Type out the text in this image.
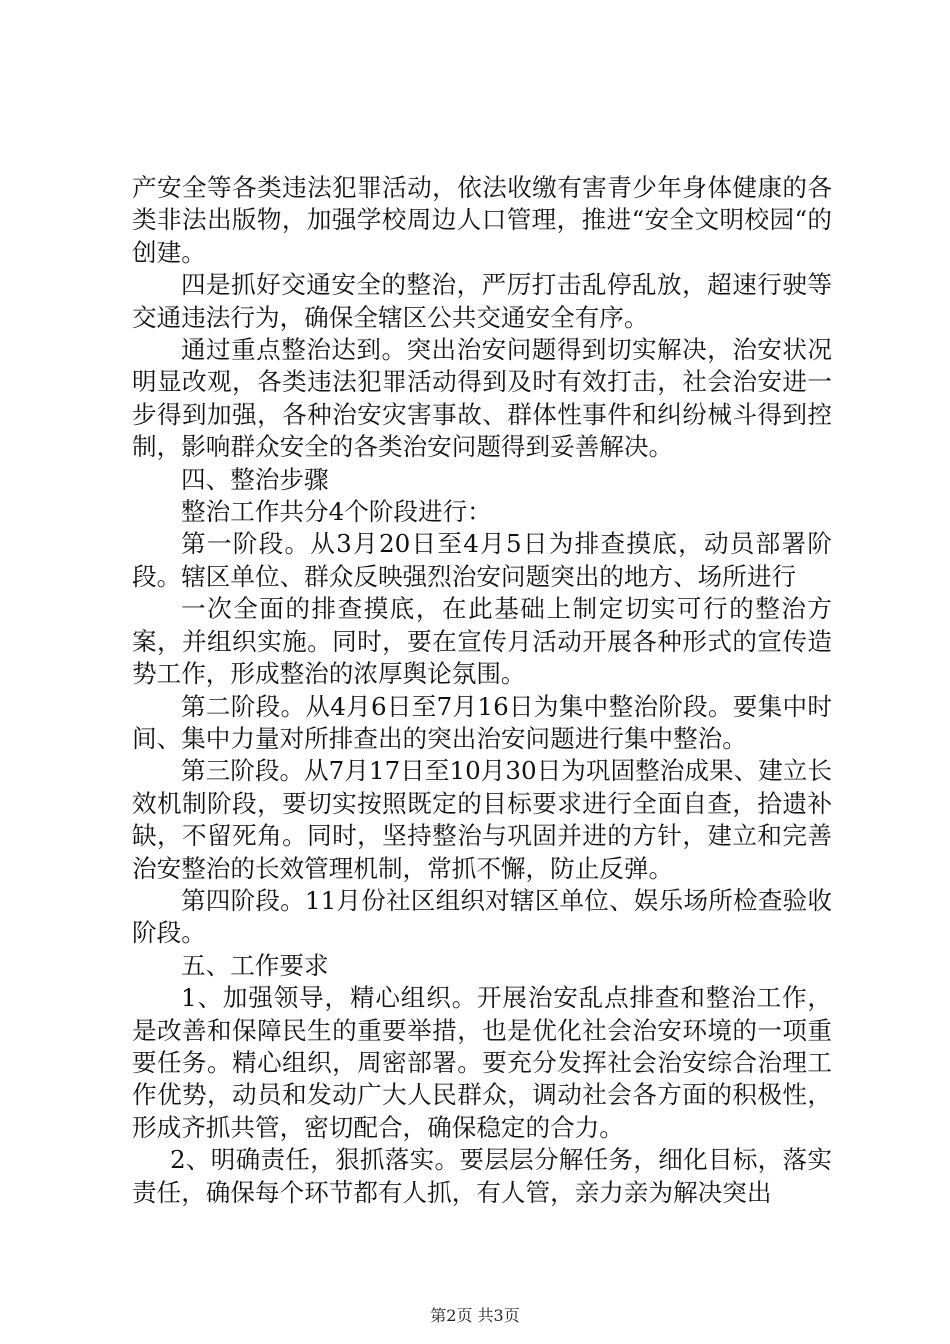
产安全等各类违法犯罪活动，依法收缴有害青少年身体健康的各类非法出版物，加强学校周边人口管理，推进“安全文明校园“的创建。

四是抓好交通安全的整治，严厉打击乱停乱放，超速行驶等交通违法行为，确保全辖区公共交通安全有序。

通过重点整治达到。突出治安问题得到切实解决，治安状况明显改观，各类违法犯罪活动得到及时有效打击，社会治安进一步得到加强，各种治安灾害事故、群体性事件和纠纷械斗得到控制，影响群众安全的各类治安问题得到妥善解决。

四、整治步骤

整治工作共分4个阶段进行：

第一阶段。从3月20日至4月5日为排查摸底，动员部署阶段。辖区单位、群众反映强烈治安问题突出的地方、场所进行

一次全面的排查摸底，在此基础上制定切实可行的整治方案，并组织实施。同时，要在宣传月活动开展各种形式的宣传造势工作，形成整治的浓厚舆论氛围。

第二阶段。从4月6日至7月16日为集中整治阶段。要集中时间、集中力量对所排查出的突出治安问题进行集中整治。

第三阶段。从7月17日至10月30日为巩固整治成果、建立长效机制阶段，要切实按照既定的目标要求进行全面自查，拾遗补缺，不留死角。同时，坚持整治与巩固并进的方针，建立和完善治安整治的长效管理机制，常抓不懈，防止反弹。

第四阶段。11月份社区组织对辖区单位、娱乐场所检查验收阶段。

五、工作要求

1、加强领导，精心组织。开展治安乱点排查和整治工作，是改善和保障民生的重要举措，也是优化社会治安环境的一项重要任务。精心组织，周密部署。要充分发挥社会治安综合治理工作优势，动员和发动广大人民群众，调动社会各方面的积极性，形成齐抓共管，密切配合，确保稳定的合力。

2、明确责任，狠抓落实。要层层分解任务，细化目标，落实责任，确保每个环节都有人抓，有人管，亲力亲为解决突出

第2页 共3页
